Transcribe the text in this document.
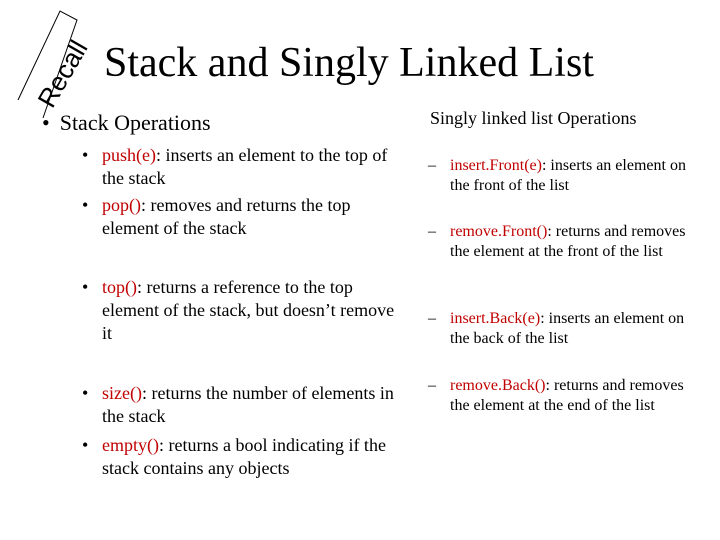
Recall Stack and Singly Linked List
• Stack Operations
• push(e): inserts an element to the top of the stack
• pop(): removes and returns the top element of the stack
• top(): returns a reference to the top element of the stack, but doesn’t remove it
• size(): returns the number of elements in the stack
• empty(): returns a bool indicating if the stack contains any objects
Singly linked list Operations
– insert.Front(e): inserts an element on the front of the list
– remove.Front(): returns and removes the element at the front of the list
– insert.Back(e): inserts an element on the back of the list
– remove.Back(): returns and removes the element at the end of the list
